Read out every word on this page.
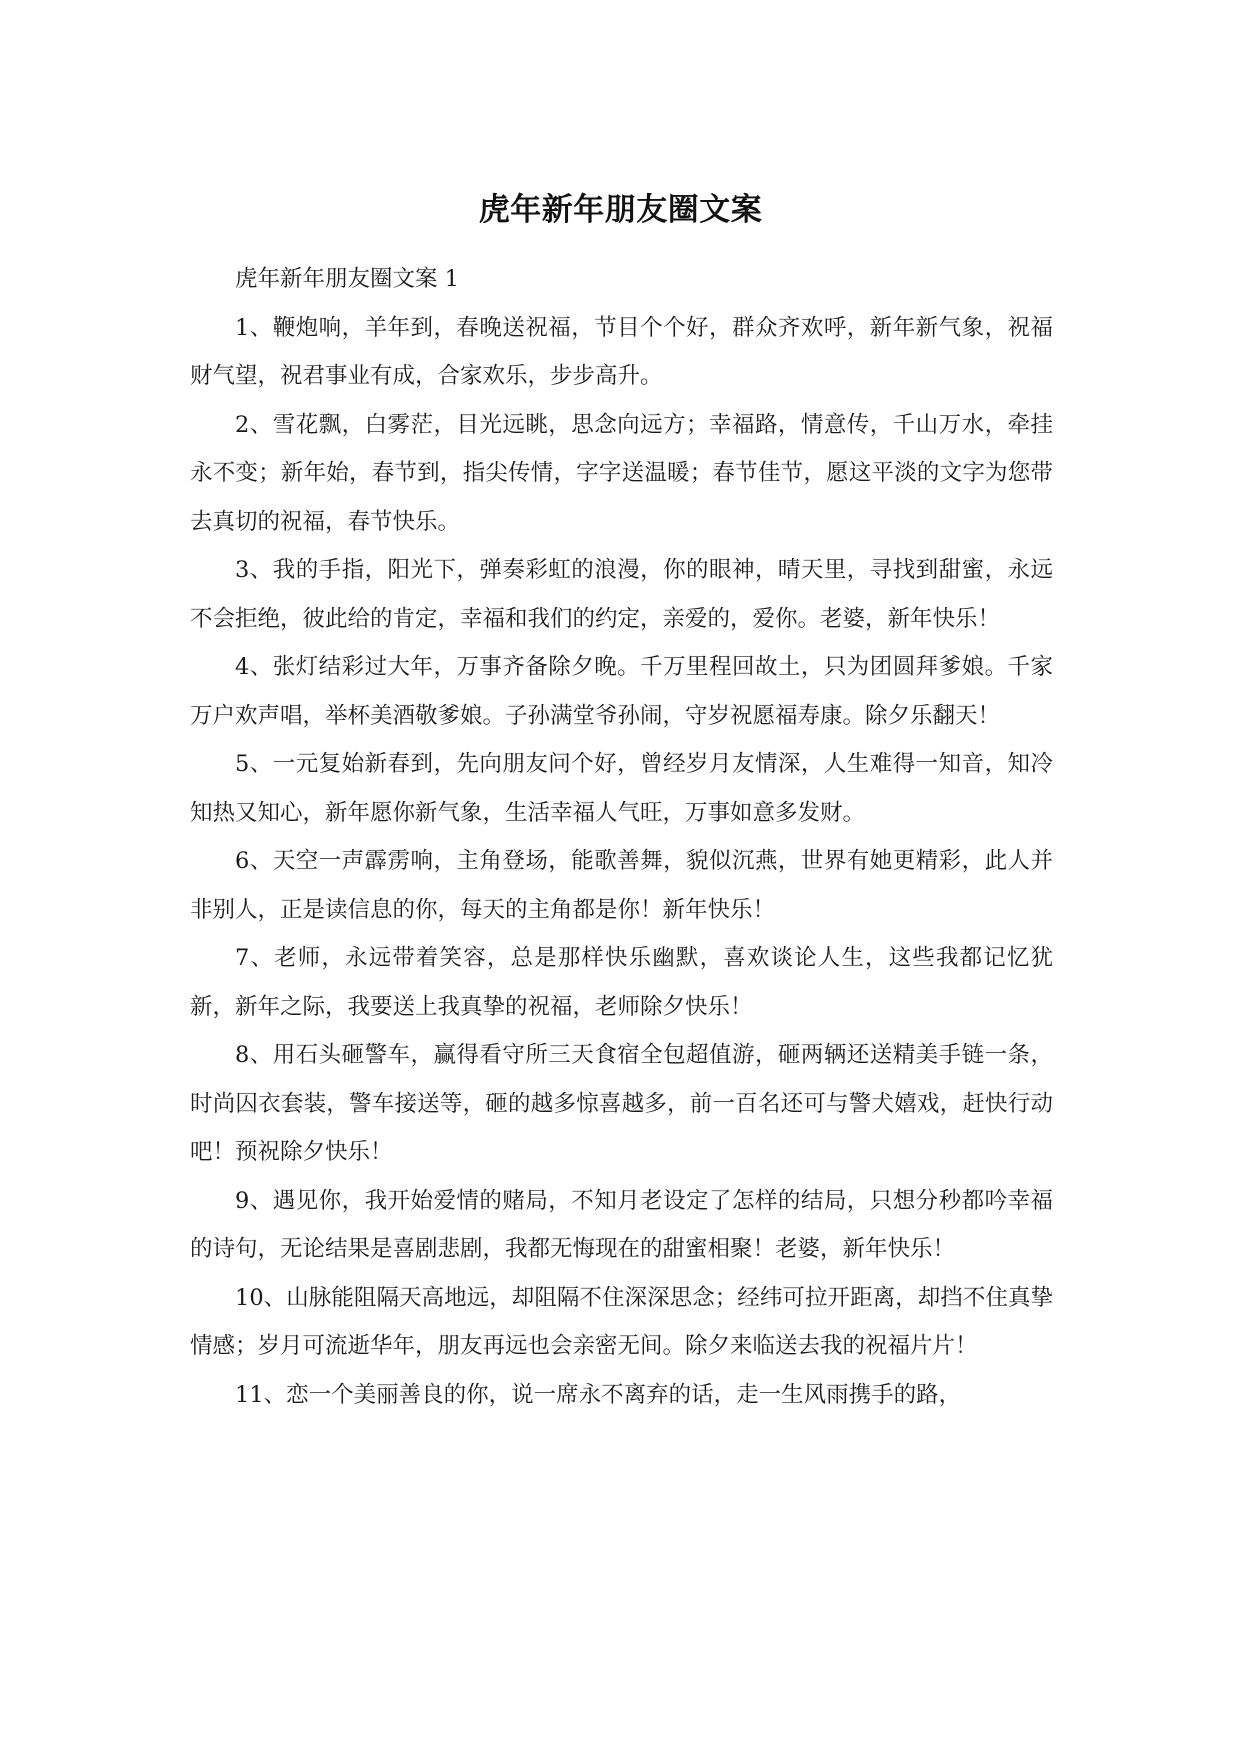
虎年新年朋友圈文案

虎年新年朋友圈文案 1

1、鞭炮响，羊年到，春晚送祝福，节目个个好，群众齐欢呼，新年新气象，祝福财气望，祝君事业有成，合家欢乐，步步高升。

2、雪花飘，白雾茫，目光远眺，思念向远方；幸福路，情意传，千山万水，牵挂永不变；新年始，春节到，指尖传情，字字送温暖；春节佳节，愿这平淡的文字为您带去真切的祝福，春节快乐。

3、我的手指，阳光下，弹奏彩虹的浪漫，你的眼神，晴天里，寻找到甜蜜，永远不会拒绝，彼此给的肯定，幸福和我们的约定，亲爱的，爱你。老婆，新年快乐！

4、张灯结彩过大年，万事齐备除夕晚。千万里程回故土，只为团圆拜爹娘。千家万户欢声唱，举杯美酒敬爹娘。子孙满堂爷孙闹，守岁祝愿福寿康。除夕乐翻天！

5、一元复始新春到，先向朋友问个好，曾经岁月友情深，人生难得一知音，知冷知热又知心，新年愿你新气象，生活幸福人气旺，万事如意多发财。

6、天空一声霹雳响，主角登场，能歌善舞，貌似沉燕，世界有她更精彩，此人并非别人，正是读信息的你，每天的主角都是你！新年快乐！

7、老师，永远带着笑容，总是那样快乐幽默，喜欢谈论人生，这些我都记忆犹新，新年之际，我要送上我真挚的祝福，老师除夕快乐！

8、用石头砸警车，赢得看守所三天食宿全包超值游，砸两辆还送精美手链一条，时尚囚衣套装，警车接送等，砸的越多惊喜越多，前一百名还可与警犬嬉戏，赶快行动吧！预祝除夕快乐！

9、遇见你，我开始爱情的赌局，不知月老设定了怎样的结局，只想分秒都吟幸福的诗句，无论结果是喜剧悲剧，我都无悔现在的甜蜜相聚！老婆，新年快乐！

10、山脉能阻隔天高地远，却阻隔不住深深思念；经纬可拉开距离，却挡不住真挚情感；岁月可流逝华年，朋友再远也会亲密无间。除夕来临送去我的祝福片片！

11、恋一个美丽善良的你，说一席永不离弃的话，走一生风雨携手的路，
